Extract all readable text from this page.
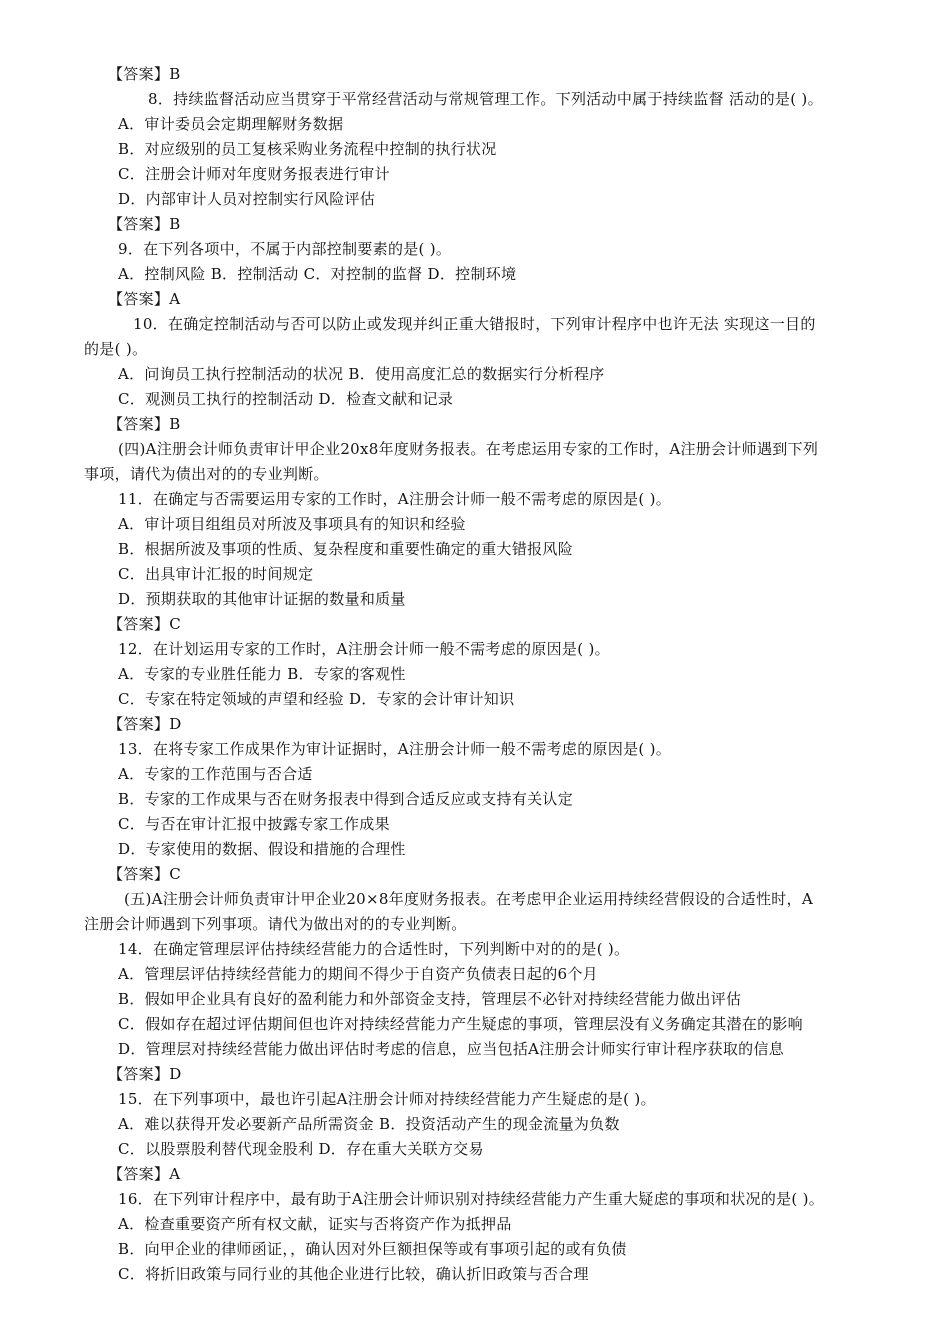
【答案】B
8．持续监督活动应当贯穿于平常经营活动与常规管理工作。下列活动中属于持续监督 活动的是( )。
A．审计委员会定期理解财务数据
B．对应级别的员工复核采购业务流程中控制的执行状况
C．注册会计师对年度财务报表进行审计
D．内部审计人员对控制实行风险评估
【答案】B
9．在下列各项中，不属于内部控制要素的是( )。
A．控制风险 B．控制活动 C．对控制的监督 D．控制环境
【答案】A
10．在确定控制活动与否可以防止或发现并纠正重大错报时，下列审计程序中也许无法 实现这一目的
的是( )。
A．问询员工执行控制活动的状况 B．使用高度汇总的数据实行分析程序
C．观测员工执行的控制活动 D．检查文献和记录
【答案】B
(四)A注册会计师负责审计甲企业20x8年度财务报表。在考虑运用专家的工作时，A注册会计师遇到下列
事项，请代为债出对的的专业判断。
11．在确定与否需要运用专家的工作时，A注册会计师一般不需考虑的原因是( )。
A．审计项目组组员对所波及事项具有的知识和经验
B．根据所波及事项的性质、复杂程度和重要性确定的重大错报风险
C．出具审计汇报的时间规定
D．预期获取的其他审计证据的数量和质量
【答案】C
12．在计划运用专家的工作时，A注册会计师一般不需考虑的原因是( )。
A．专家的专业胜任能力 B．专家的客观性
C．专家在特定领域的声望和经验 D．专家的会计审计知识
【答案】D
13．在将专家工作成果作为审计证据时，A注册会计师一般不需考虑的原因是( )。
A．专家的工作范围与否合适
B．专家的工作成果与否在财务报表中得到合适反应或支持有关认定
C．与否在审计汇报中披露专家工作成果
D．专家使用的数据、假设和措施的合理性
【答案】C
(五)A注册会计师负责审计甲企业20×8年度财务报表。在考虑甲企业运用持续经营假设的合适性时，A
注册会计师遇到下列事项。请代为做出对的的专业判断。
14．在确定管理层评估持续经营能力的合适性时，下列判断中对的的是( )。
A．管理层评估持续经营能力的期间不得少于自资产负债表日起的6个月
B．假如甲企业具有良好的盈利能力和外部资金支持，管理层不必针对持续经营能力做出评估
C．假如存在超过评估期间但也许对持续经营能力产生疑虑的事项，管理层没有义务确定其潜在的影响
D．管理层对持续经营能力做出评估时考虑的信息，应当包括A注册会计师实行审计程序获取的信息
【答案】D
15．在下列事项中，最也许引起A注册会计师对持续经营能力产生疑虑的是( )。
A．难以获得开发必要新产品所需资金 B．投资活动产生的现金流量为负数
C．以股票股利替代现金股利 D．存在重大关联方交易
【答案】A
16．在下列审计程序中，最有助于A注册会计师识别对持续经营能力产生重大疑虑的事项和状况的是( )。
A．检查重要资产所有权文献，证实与否将资产作为抵押品
B．向甲企业的律师函证，，确认因对外巨额担保等或有事项引起的或有负债
C．将折旧政策与同行业的其他企业进行比较，确认折旧政策与否合理
